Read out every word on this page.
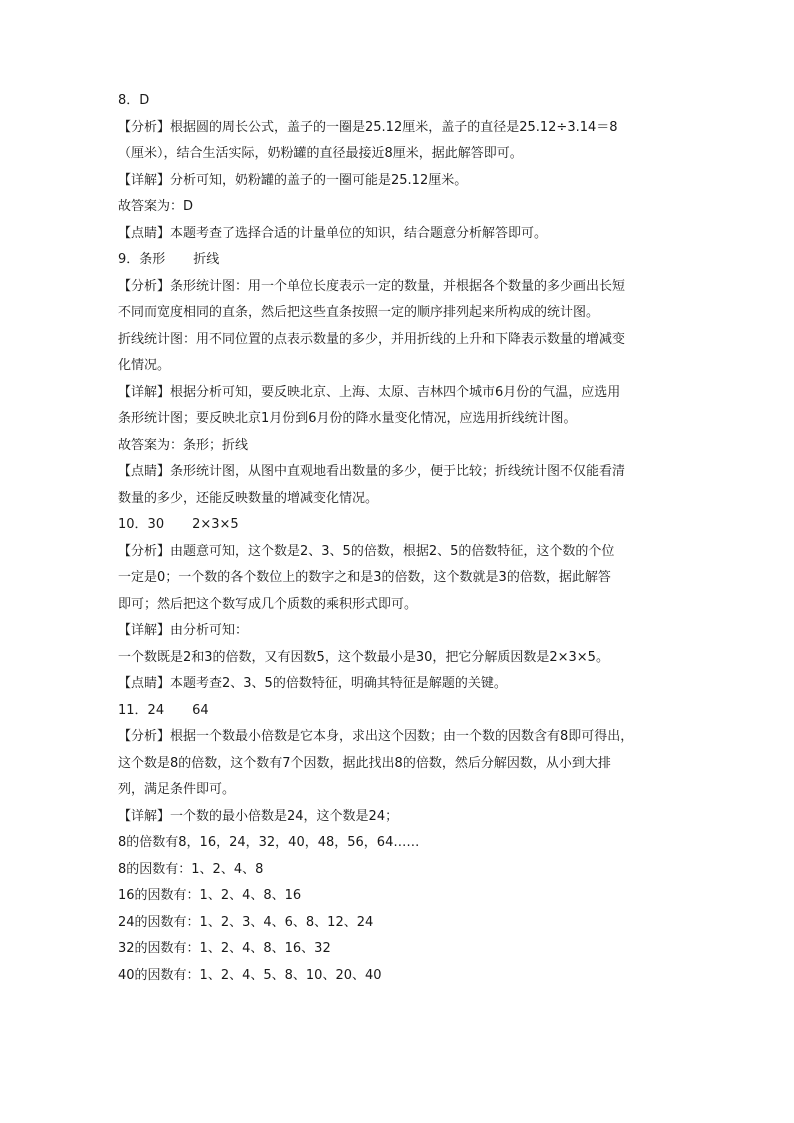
8．D
【分析】根据圆的周长公式，盖子的一圈是25.12厘米，盖子的直径是25.12÷3.14＝8
（厘米），结合生活实际，奶粉罐的直径最接近8厘米，据此解答即可。
【详解】分析可知，奶粉罐的盖子的一圈可能是25.12厘米。
故答案为：D
【点睛】本题考查了选择合适的计量单位的知识，结合题意分析解答即可。
9．条形 折线
【分析】条形统计图：用一个单位长度表示一定的数量，并根据各个数量的多少画出长短
不同而宽度相同的直条，然后把这些直条按照一定的顺序排列起来所构成的统计图。
折线统计图：用不同位置的点表示数量的多少，并用折线的上升和下降表示数量的增减变
化情况。
【详解】根据分析可知，要反映北京、上海、太原、吉林四个城市6月份的气温，应选用
条形统计图；要反映北京1月份到6月份的降水量变化情况，应选用折线统计图。
故答案为：条形；折线
【点睛】条形统计图，从图中直观地看出数量的多少，便于比较；折线统计图不仅能看清
数量的多少，还能反映数量的增减变化情况。
10．30 2×3×5
【分析】由题意可知，这个数是2、3、5的倍数，根据2、5的倍数特征，这个数的个位
一定是0；一个数的各个数位上的数字之和是3的倍数，这个数就是3的倍数，据此解答
即可；然后把这个数写成几个质数的乘积形式即可。
【详解】由分析可知：
一个数既是2和3的倍数，又有因数5，这个数最小是30，把它分解质因数是2×3×5。
【点睛】本题考查2、3、5的倍数特征，明确其特征是解题的关键。
11．24 64
【分析】根据一个数最小倍数是它本身，求出这个因数；由一个数的因数含有8即可得出，
这个数是8的倍数，这个数有7个因数，据此找出8的倍数，然后分解因数，从小到大排
列，满足条件即可。
【详解】一个数的最小倍数是24，这个数是24；
8的倍数有8，16，24，32，40，48，56，64……
8的因数有：1、2、4、8
16的因数有：1、2、4、8、16
24的因数有：1、2、3、4、6、8、12、24
32的因数有：1、2、4、8、16、32
40的因数有：1、2、4、5、8、10、20、40
